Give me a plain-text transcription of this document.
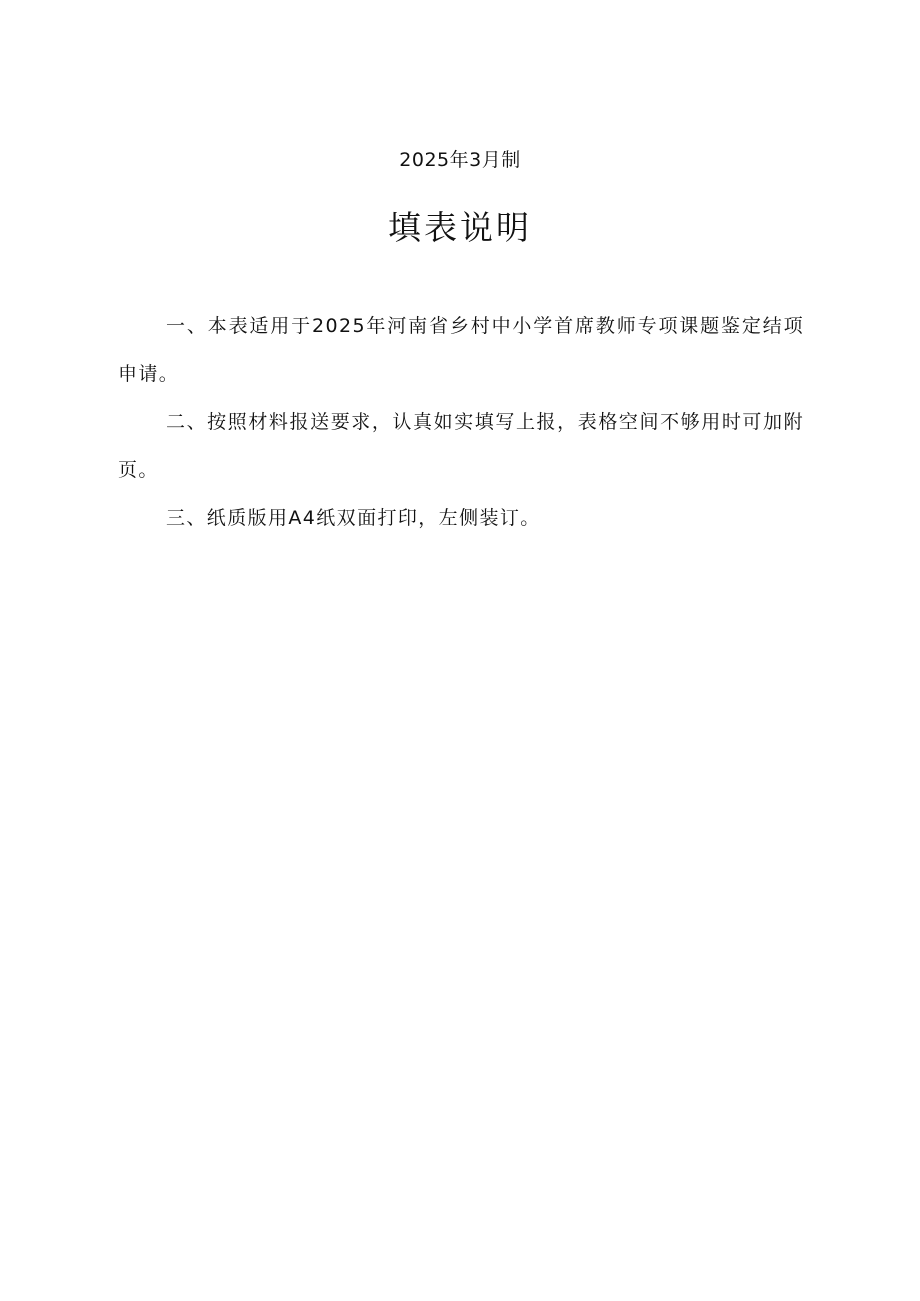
2025年3月制
填表说明

一、本表适用于2025年河南省乡村中小学首席教师专项课题鉴定结项申请。

二、按照材料报送要求，认真如实填写上报，表格空间不够用时可加附页。

三、纸质版用A4纸双面打印，左侧装订。
